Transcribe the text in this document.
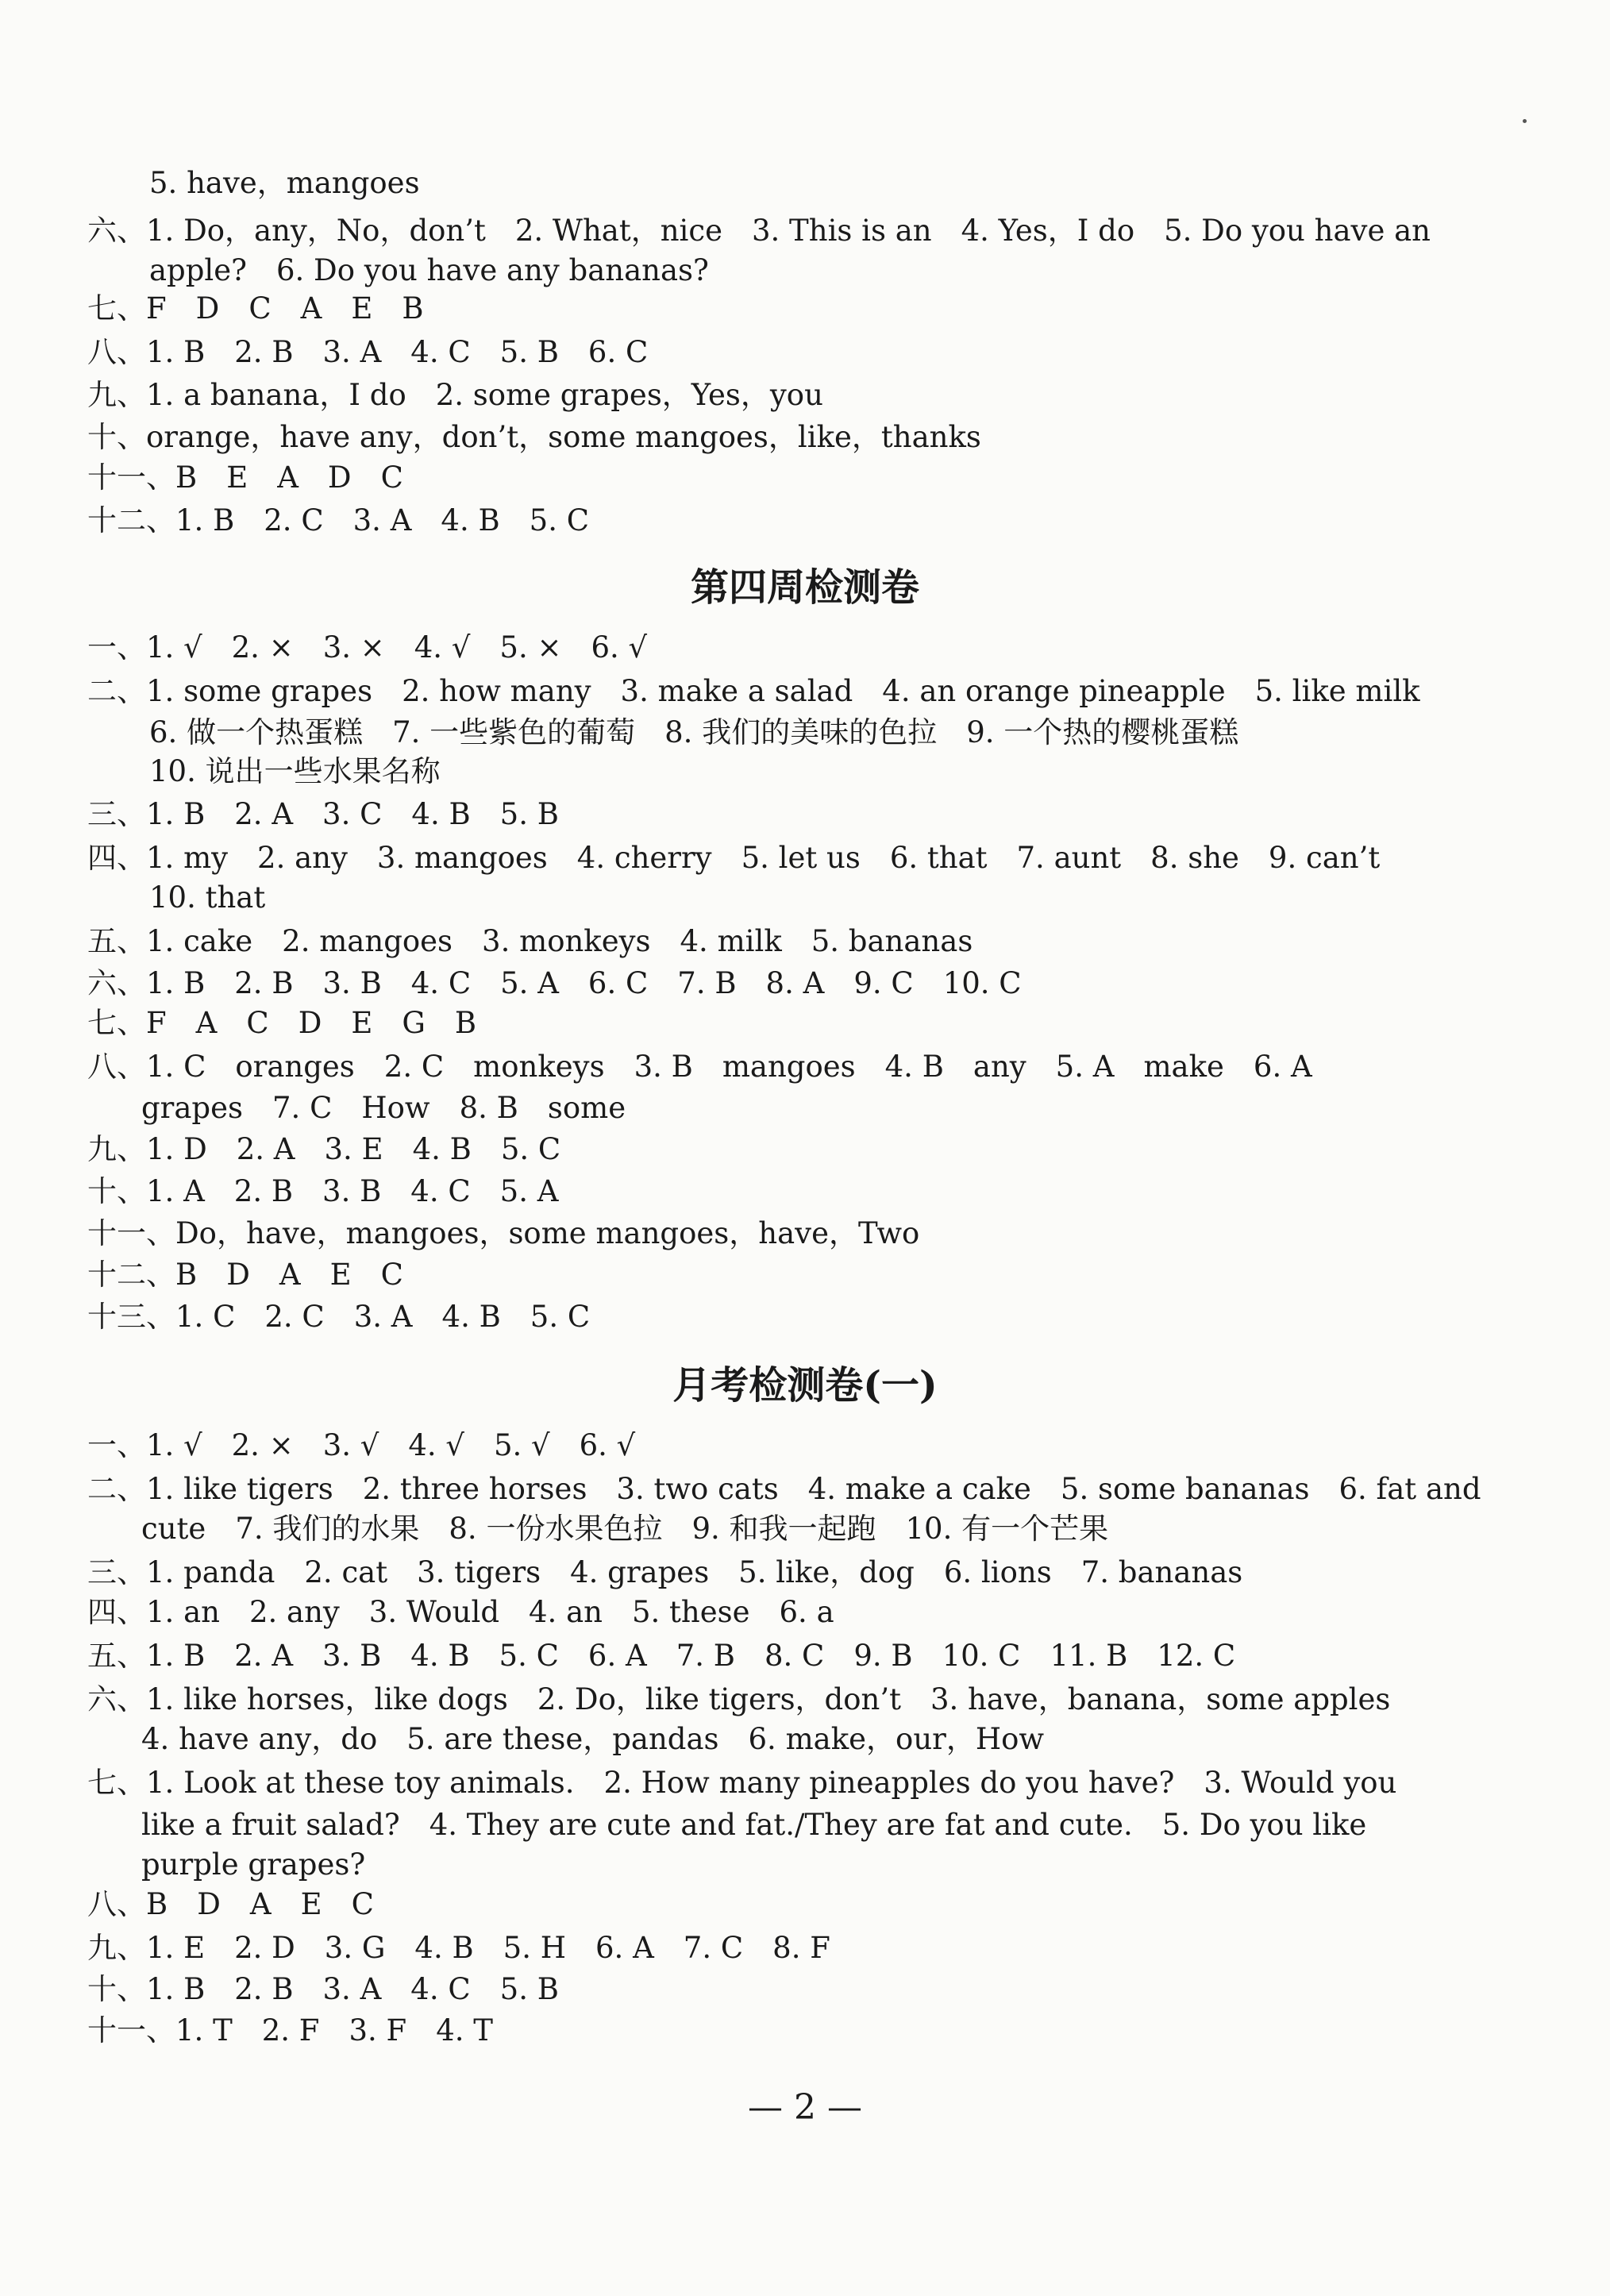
5. have，mangoes
六、1. Do，any，No，don’t　2. What，nice　3. This is an　4. Yes，I do　5. Do you have an
apple?　6. Do you have any bananas?
七、F　D　C　A　E　B
八、1. B　2. B　3. A　4. C　5. B　6. C
九、1. a banana，I do　2. some grapes，Yes，you
十、orange，have any，don’t，some mangoes，like，thanks
十一、B　E　A　D　C
十二、1. B　2. C　3. A　4. B　5. C
第四周检测卷
一、1. √　2. ×　3. ×　4. √　5. ×　6. √
二、1. some grapes　2. how many　3. make a salad　4. an orange pineapple　5. like milk
6. 做一个热蛋糕　7. 一些紫色的葡萄　8. 我们的美味的色拉　9. 一个热的樱桃蛋糕
10. 说出一些水果名称
三、1. B　2. A　3. C　4. B　5. B
四、1. my　2. any　3. mangoes　4. cherry　5. let us　6. that　7. aunt　8. she　9. can’t
10. that
五、1. cake　2. mangoes　3. monkeys　4. milk　5. bananas
六、1. B　2. B　3. B　4. C　5. A　6. C　7. B　8. A　9. C　10. C
七、F　A　C　D　E　G　B
八、1. C　oranges　2. C　monkeys　3. B　mangoes　4. B　any　5. A　make　6. A
grapes　7. C　How　8. B　some
九、1. D　2. A　3. E　4. B　5. C
十、1. A　2. B　3. B　4. C　5. A
十一、Do，have，mangoes，some mangoes，have，Two
十二、B　D　A　E　C
十三、1. C　2. C　3. A　4. B　5. C
月考检测卷(一)
一、1. √　2. ×　3. √　4. √　5. √　6. √
二、1. like tigers　2. three horses　3. two cats　4. make a cake　5. some bananas　6. fat and
cute　7. 我们的水果　8. 一份水果色拉　9. 和我一起跑　10. 有一个芒果
三、1. panda　2. cat　3. tigers　4. grapes　5. like，dog　6. lions　7. bananas
四、1. an　2. any　3. Would　4. an　5. these　6. a
五、1. B　2. A　3. B　4. B　5. C　6. A　7. B　8. C　9. B　10. C　11. B　12. C
六、1. like horses，like dogs　2. Do，like tigers，don’t　3. have，banana，some apples
4. have any，do　5. are these，pandas　6. make，our，How
七、1. Look at these toy animals.　2. How many pineapples do you have?　3. Would you
like a fruit salad?　4. They are cute and fat./They are fat and cute.　5. Do you like
purple grapes?
八、B　D　A　E　C
九、1. E　2. D　3. G　4. B　5. H　6. A　7. C　8. F
十、1. B　2. B　3. A　4. C　5. B
十一、1. T　2. F　3. F　4. T
— 2 —
